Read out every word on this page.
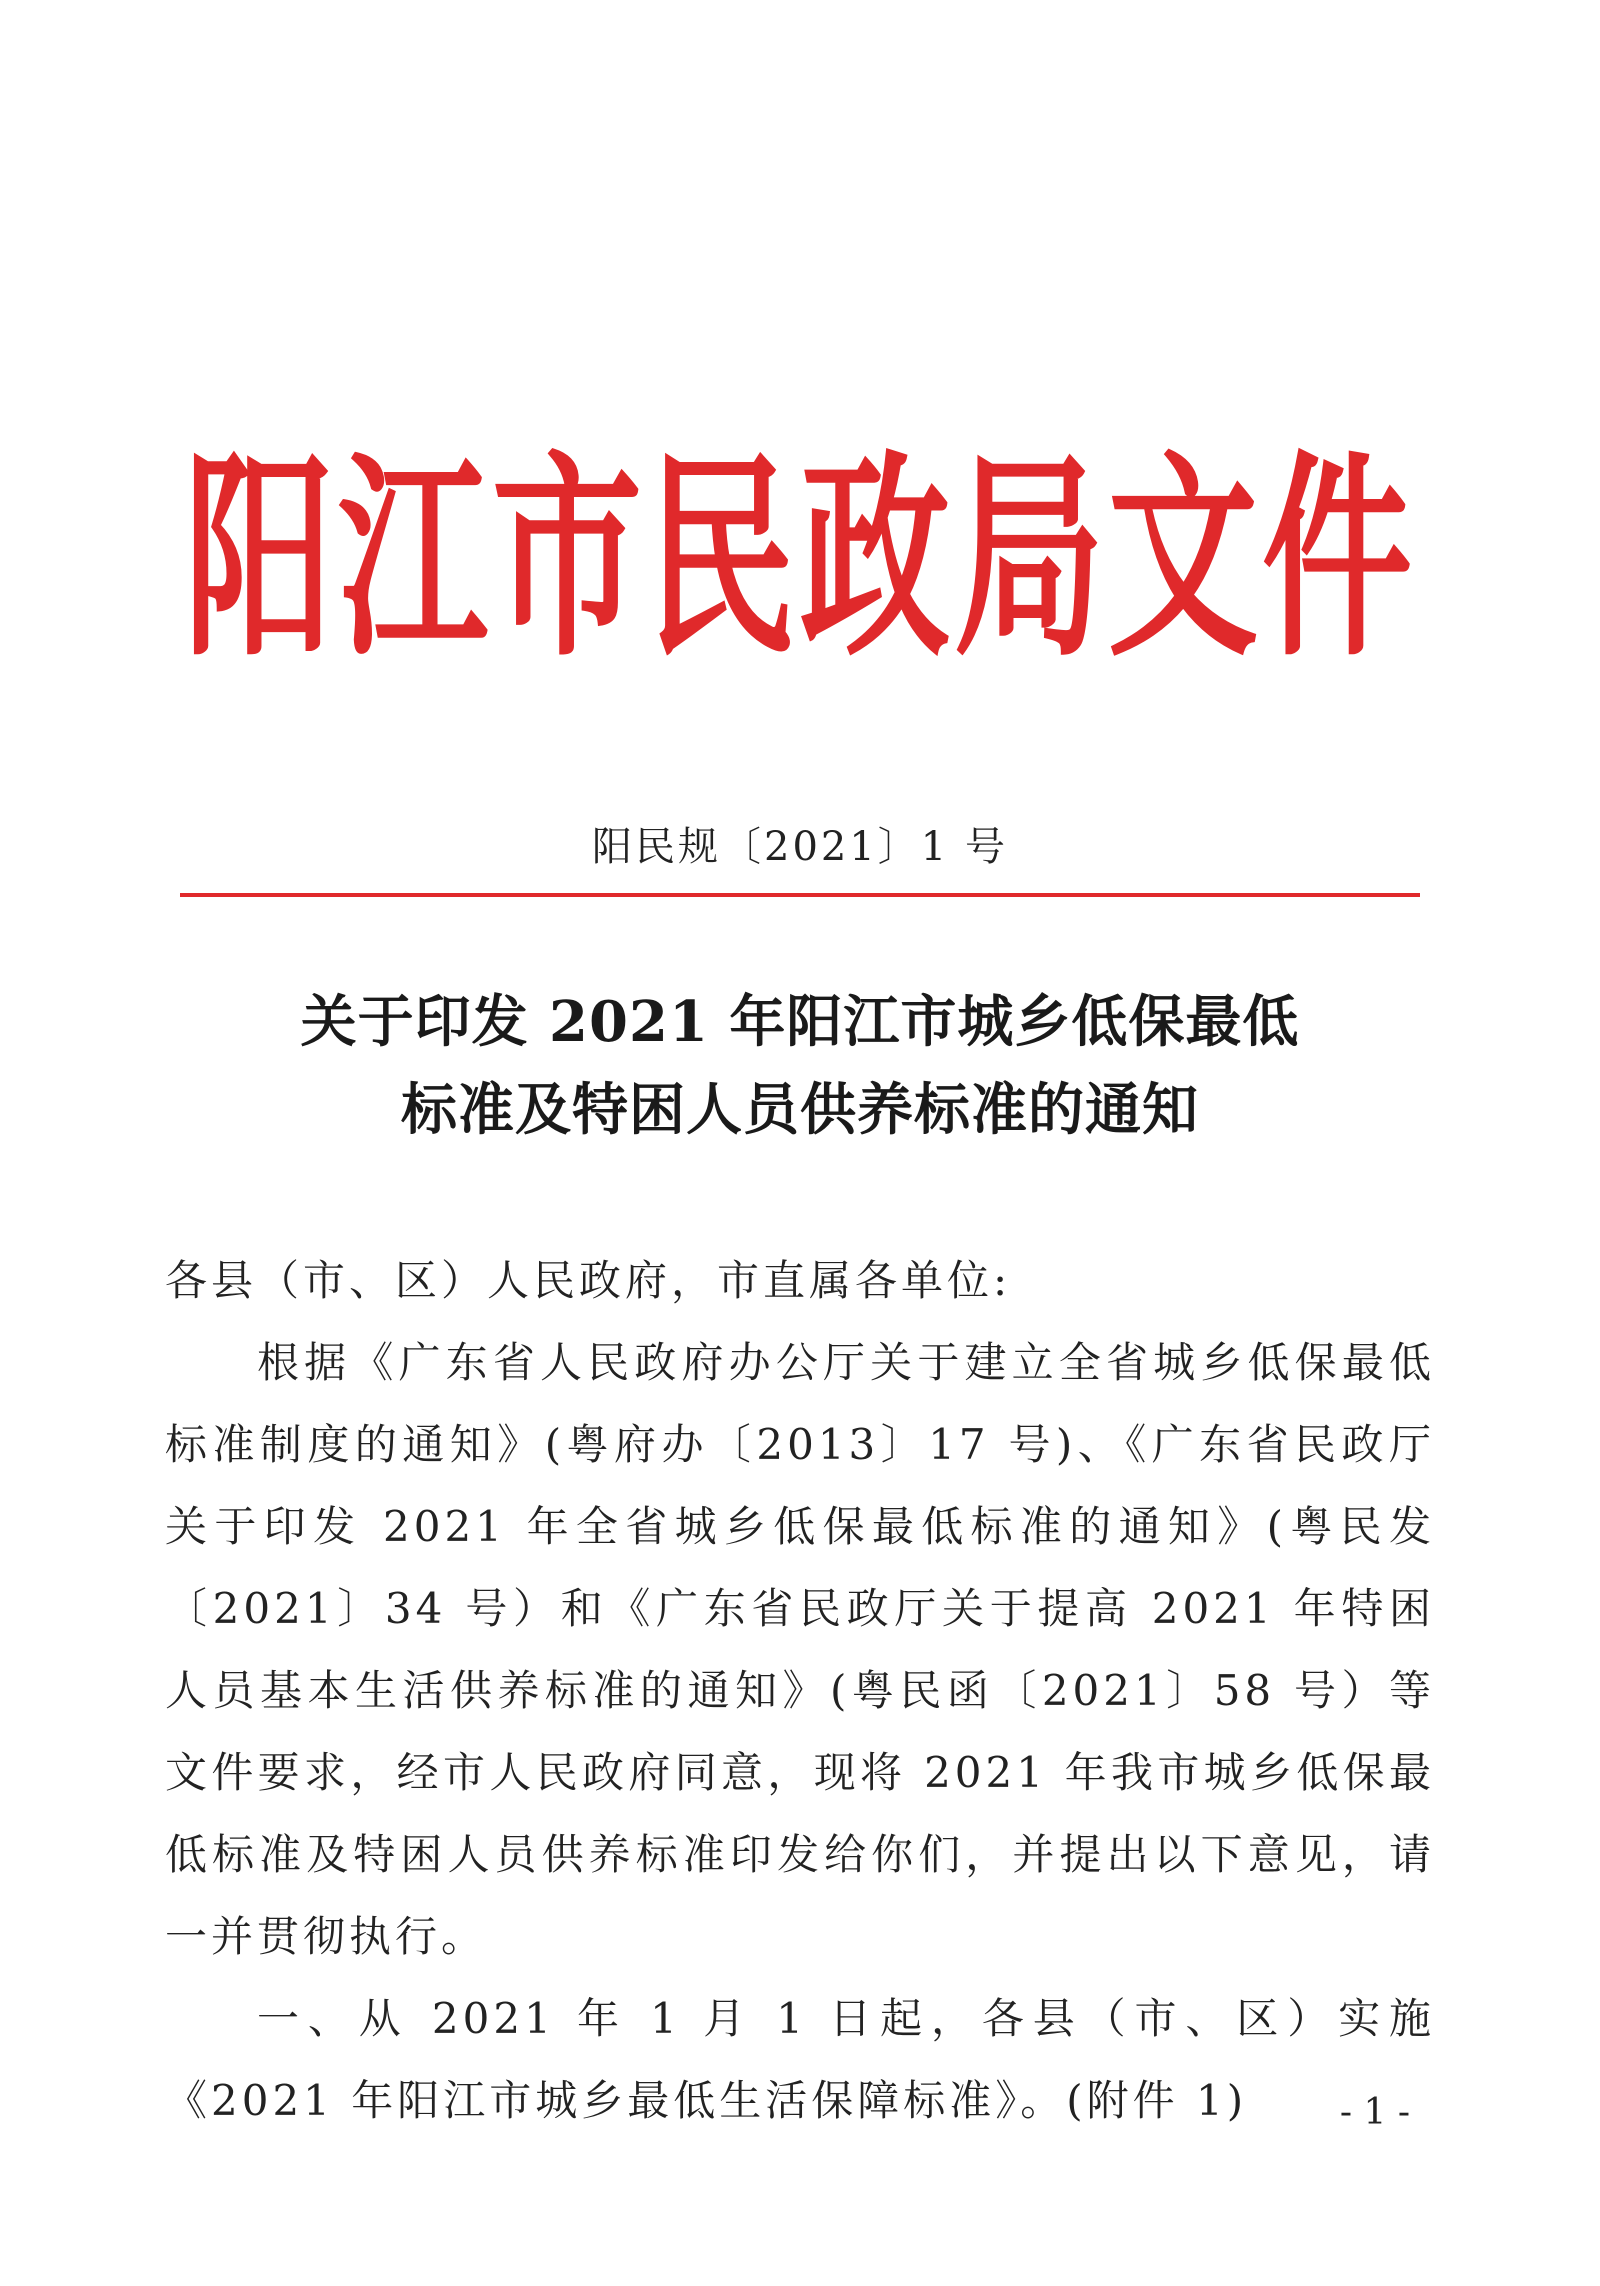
阳江市民政局文件
阳民规〔2021〕1 号
关于印发 2021 年阳江市城乡低保最低
标准及特困人员供养标准的通知

各县（市、区）人民政府，市直属各单位:

根据《广东省人民政府办公厅关于建立全省城乡低保最低标准制度的通知》(粤府办〔2013〕17 号)、《广东省民政厅关于印发 2021 年全省城乡低保最低标准的通知》(粤民发〔2021〕34 号）和《广东省民政厅关于提高 2021 年特困人员基本生活供养标准的通知》(粤民函〔2021〕58 号）等文件要求，经市人民政府同意，现将 2021 年我市城乡低保最低标准及特困人员供养标准印发给你们，并提出以下意见，请一并贯彻执行。

一、从 2021 年 1 月 1 日起，各县（市、区）实施《2021 年阳江市城乡最低生活保障标准》。(附件 1)	- 1 -
